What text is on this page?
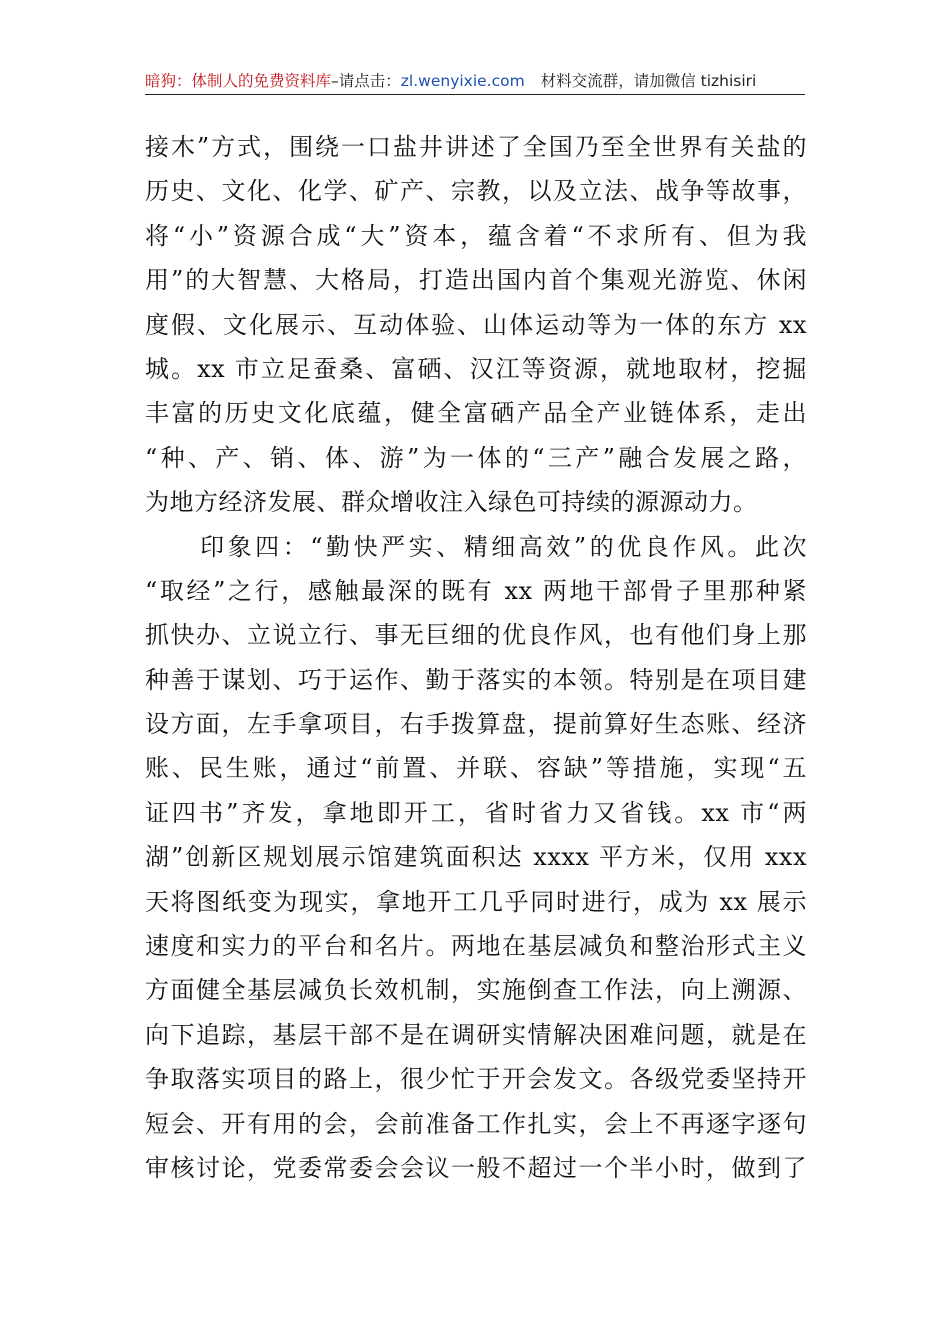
暗狗：体制人的免费资料库–请点击：zl.wenyixie.com 材料交流群，请加微信 tizhisiri
接木”方式，围绕一口盐井讲述了全国乃至全世界有关盐的
历史、文化、化学、矿产、宗教，以及立法、战争等故事，
将“小”资源合成“大”资本，蕴含着“不求所有、但为我
用”的大智慧、大格局，打造出国内首个集观光游览、休闲
度假、文化展示、互动体验、山体运动等为一体的东方 xx
城。xx 市立足蚕桑、富硒、汉江等资源，就地取材，挖掘
丰富的历史文化底蕴，健全富硒产品全产业链体系，走出
“种、产、销、体、游”为一体的“三产”融合发展之路，
为地方经济发展、群众增收注入绿色可持续的源源动力。
　　印象四：“勤快严实、精细高效”的优良作风。此次
“取经”之行，感触最深的既有 xx 两地干部骨子里那种紧
抓快办、立说立行、事无巨细的优良作风，也有他们身上那
种善于谋划、巧于运作、勤于落实的本领。特别是在项目建
设方面，左手拿项目，右手拨算盘，提前算好生态账、经济
账、民生账，通过“前置、并联、容缺”等措施，实现“五
证四书”齐发，拿地即开工，省时省力又省钱。xx 市“两
湖”创新区规划展示馆建筑面积达 xxxx 平方米，仅用 xxx
天将图纸变为现实，拿地开工几乎同时进行，成为 xx 展示
速度和实力的平台和名片。两地在基层减负和整治形式主义
方面健全基层减负长效机制，实施倒查工作法，向上溯源、
向下追踪，基层干部不是在调研实情解决困难问题，就是在
争取落实项目的路上，很少忙于开会发文。各级党委坚持开
短会、开有用的会，会前准备工作扎实，会上不再逐字逐句
审核讨论，党委常委会会议一般不超过一个半小时，做到了
